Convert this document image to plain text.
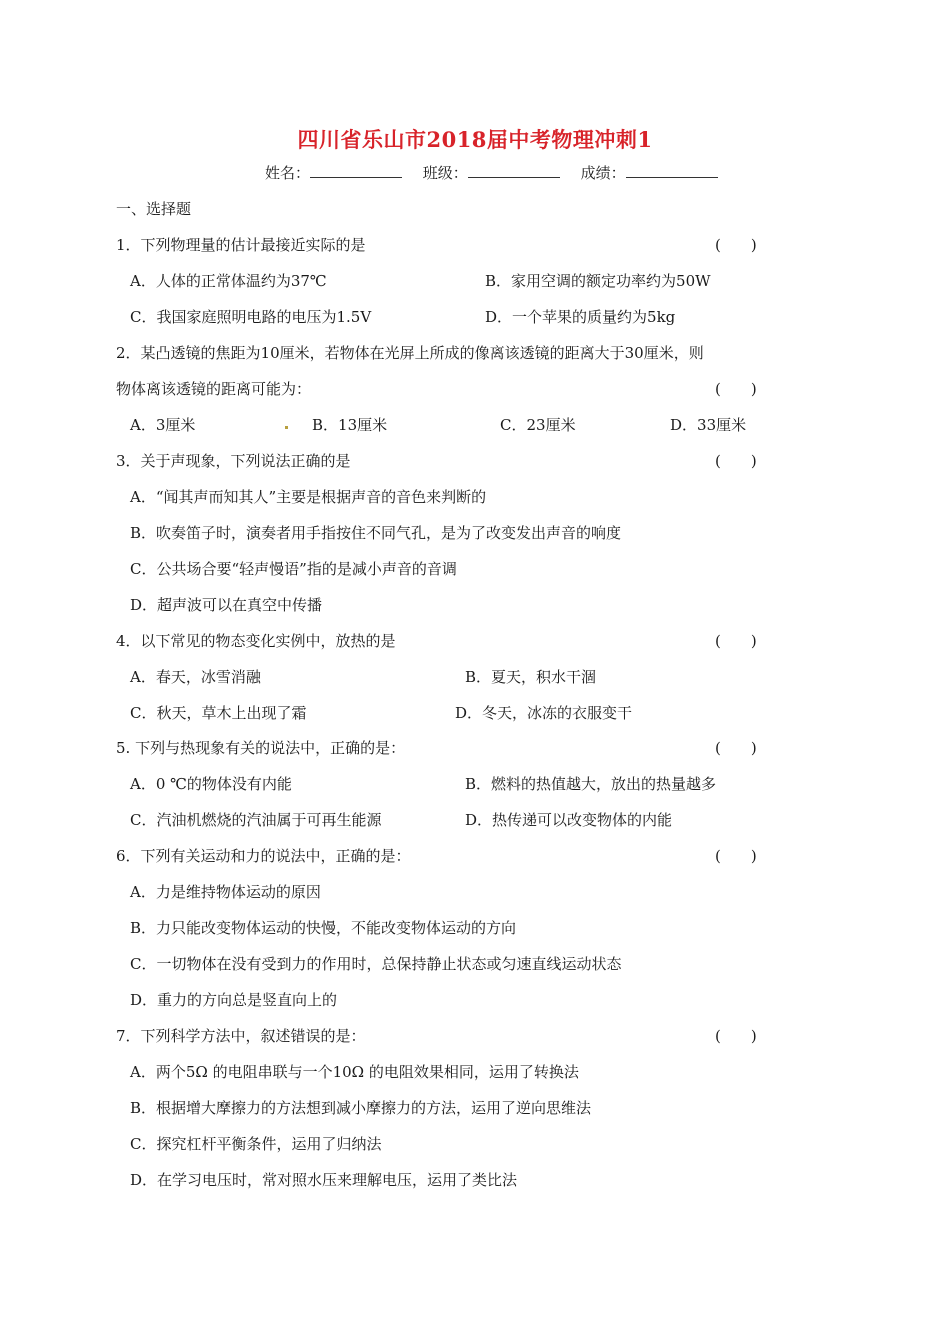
四川省乐山市2018届中考物理冲刺1
姓名：	班级：	成绩：
一、选择题
1．下列物理量的估计最接近实际的是	(　　)
A．人体的正常体温约为37℃	B．家用空调的额定功率约为50W
C．我国家庭照明电路的电压为1.5V	D．一个苹果的质量约为5kg
2．某凸透镜的焦距为10厘米，若物体在光屏上所成的像离该透镜的距离大于30厘米，则
物体离该透镜的距离可能为：	(　　)
A．3厘米	B．13厘米	C．23厘米	D．33厘米
3．关于声现象，下列说法正确的是	(　　)
A．“闻其声而知其人”主要是根据声音的音色来判断的
B．吹奏笛子时，演奏者用手指按住不同气孔，是为了改变发出声音的响度
C．公共场合要“轻声慢语”指的是减小声音的音调
D．超声波可以在真空中传播
4．以下常见的物态变化实例中，放热的是	(　　)
A．春天，冰雪消融	B．夏天，积水干涸
C．秋天，草木上出现了霜	D．冬天，冰冻的衣服变干
5. 下列与热现象有关的说法中，正确的是：	(　　)
A．0 ℃的物体没有内能	B．燃料的热值越大，放出的热量越多
C．汽油机燃烧的汽油属于可再生能源	D．热传递可以改变物体的内能
6．下列有关运动和力的说法中，正确的是：	(　　)
A．力是维持物体运动的原因
B．力只能改变物体运动的快慢，不能改变物体运动的方向
C．一切物体在没有受到力的作用时，总保持静止状态或匀速直线运动状态
D．重力的方向总是竖直向上的
7．下列科学方法中，叙述错误的是：	(　　)
A．两个5Ω 的电阻串联与一个10Ω 的电阻效果相同，运用了转换法
B．根据增大摩擦力的方法想到减小摩擦力的方法，运用了逆向思维法
C．探究杠杆平衡条件，运用了归纳法
D．在学习电压时，常对照水压来理解电压，运用了类比法
